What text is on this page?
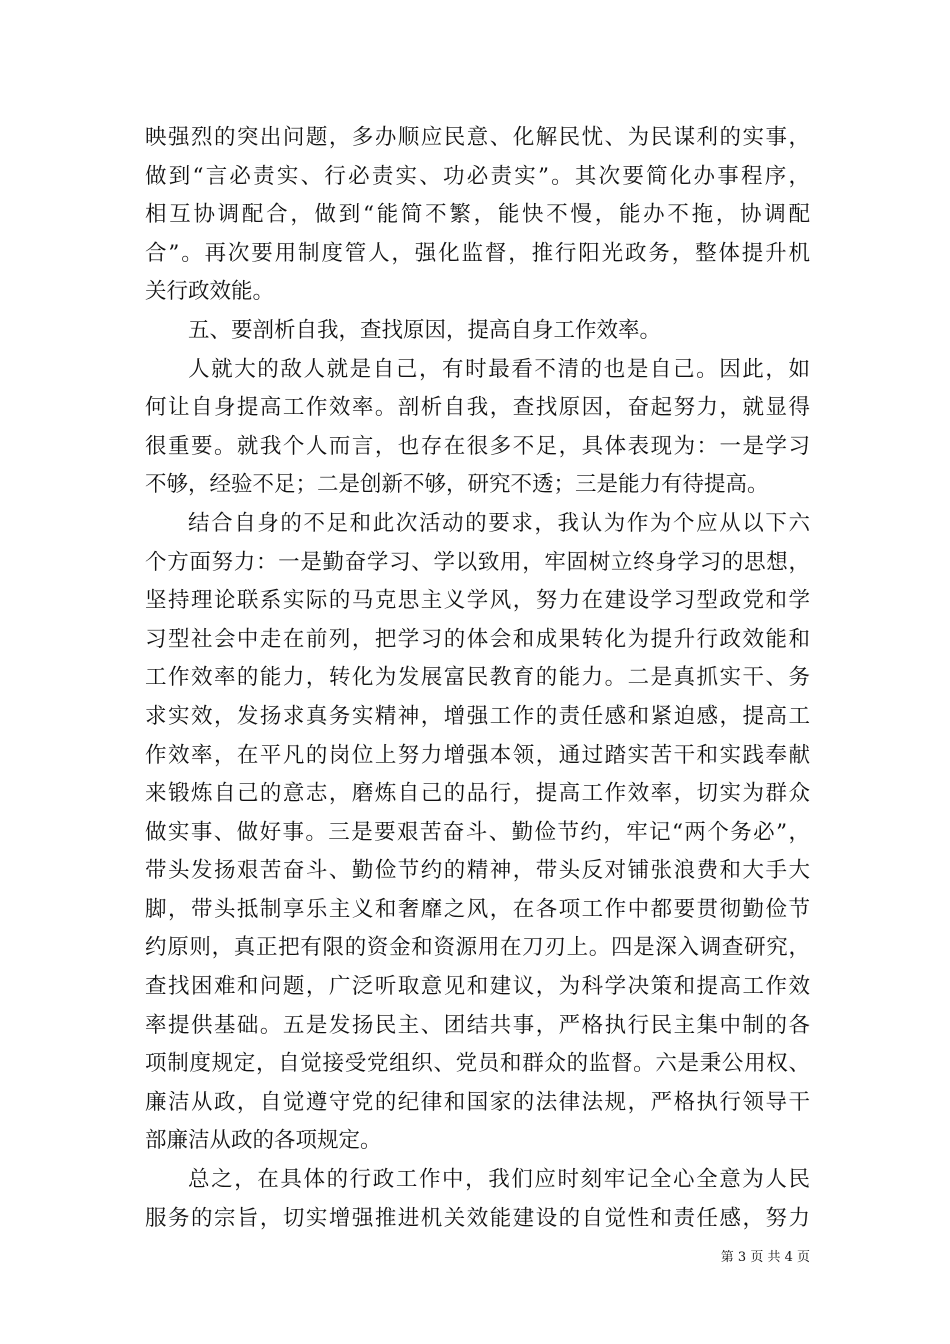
映强烈的突出问题，多办顺应民意、化解民忧、为民谋利的实事，
做到“言必责实、行必责实、功必责实”。其次要简化办事程序，
相互协调配合，做到“能简不繁，能快不慢，能办不拖，协调配
合”。再次要用制度管人，强化监督，推行阳光政务，整体提升机
关行政效能。
五、要剖析自我，查找原因，提高自身工作效率。
人就大的敌人就是自己，有时最看不清的也是自己。因此，如
何让自身提高工作效率。剖析自我，查找原因，奋起努力，就显得
很重要。就我个人而言，也存在很多不足，具体表现为：一是学习
不够，经验不足；二是创新不够，研究不透；三是能力有待提高。
结合自身的不足和此次活动的要求，我认为作为个应从以下六
个方面努力：一是勤奋学习、学以致用，牢固树立终身学习的思想，
坚持理论联系实际的马克思主义学风，努力在建设学习型政党和学
习型社会中走在前列，把学习的体会和成果转化为提升行政效能和
工作效率的能力，转化为发展富民教育的能力。二是真抓实干、务
求实效，发扬求真务实精神，增强工作的责任感和紧迫感，提高工
作效率，在平凡的岗位上努力增强本领，通过踏实苦干和实践奉献
来锻炼自己的意志，磨炼自己的品行，提高工作效率，切实为群众
做实事、做好事。三是要艰苦奋斗、勤俭节约，牢记“两个务必”，
带头发扬艰苦奋斗、勤俭节约的精神，带头反对铺张浪费和大手大
脚，带头抵制享乐主义和奢靡之风，在各项工作中都要贯彻勤俭节
约原则，真正把有限的资金和资源用在刀刃上。四是深入调查研究，
查找困难和问题，广泛听取意见和建议，为科学决策和提高工作效
率提供基础。五是发扬民主、团结共事，严格执行民主集中制的各
项制度规定，自觉接受党组织、党员和群众的监督。六是秉公用权、
廉洁从政，自觉遵守党的纪律和国家的法律法规，严格执行领导干
部廉洁从政的各项规定。
总之，在具体的行政工作中，我们应时刻牢记全心全意为人民
服务的宗旨，切实增强推进机关效能建设的自觉性和责任感，努力
第 3 页 共 4 页
